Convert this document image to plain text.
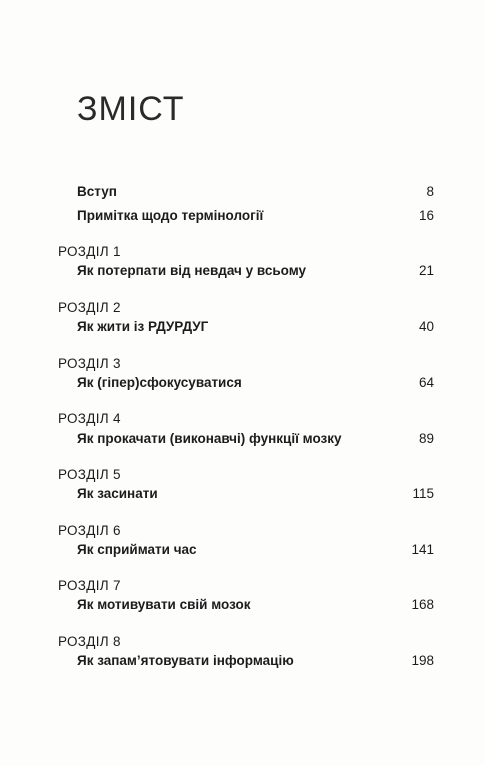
ЗМІСТ
Вступ	8
Примітка щодо термінології	16
РОЗДІЛ 1
Як потерпати від невдач у всьому	21
РОЗДІЛ 2
Як жити із РДУРДУГ	40
РОЗДІЛ 3
Як (гіпер)сфокусуватися	64
РОЗДІЛ 4
Як прокачати (виконавчі) функції мозку	89
РОЗДІЛ 5
Як засинати	115
РОЗДІЛ 6
Як сприймати час	141
РОЗДІЛ 7
Як мотивувати свій мозок	168
РОЗДІЛ 8
Як запам’ятовувати інформацію	198
